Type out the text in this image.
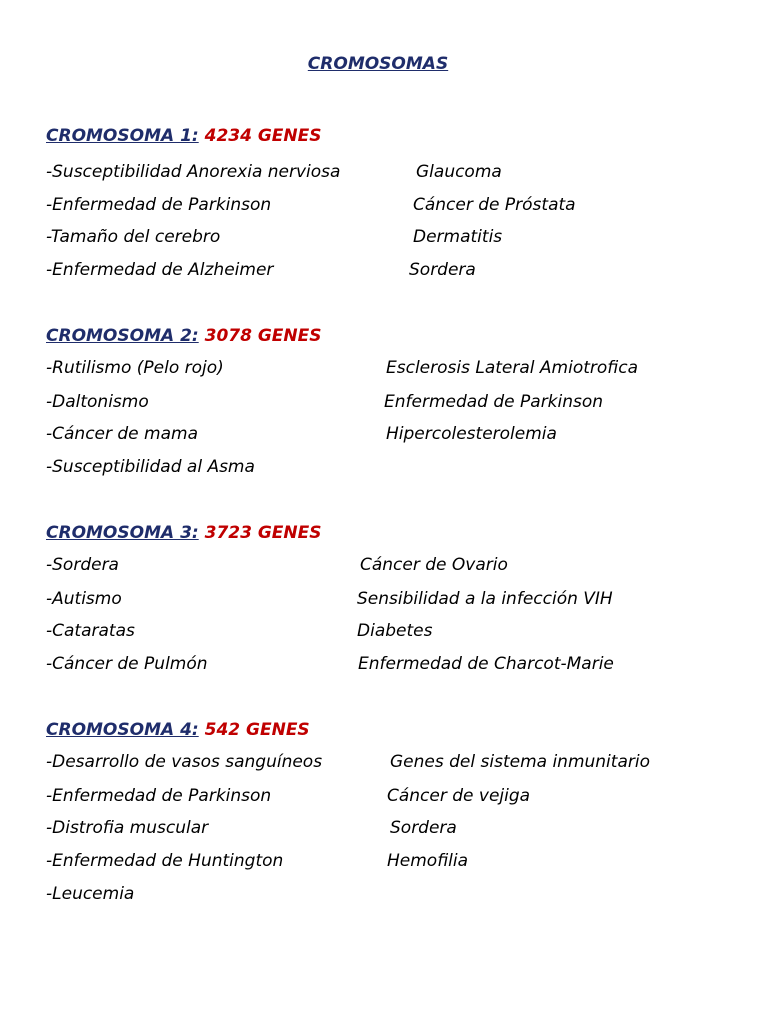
CROMOSOMAS
CROMOSOMA 1: 4234 GENES
-Susceptibilidad Anorexia nerviosa	Glaucoma
-Enfermedad de Parkinson	Cáncer de Próstata
-Tamaño del cerebro	Dermatitis
-Enfermedad de Alzheimer	Sordera
CROMOSOMA 2: 3078 GENES
-Rutilismo (Pelo rojo)	Esclerosis Lateral Amiotrofica
-Daltonismo	Enfermedad de Parkinson
-Cáncer de mama	Hipercolesterolemia
-Susceptibilidad al Asma
CROMOSOMA 3: 3723 GENES
-Sordera	Cáncer de Ovario
-Autismo	Sensibilidad a la infección VIH
-Cataratas	Diabetes
-Cáncer de Pulmón	Enfermedad de Charcot-Marie
CROMOSOMA 4: 542 GENES
-Desarrollo de vasos sanguíneos	Genes del sistema inmunitario
-Enfermedad de Parkinson	Cáncer de vejiga
-Distrofia muscular	Sordera
-Enfermedad de Huntington	Hemofilia
-Leucemia
